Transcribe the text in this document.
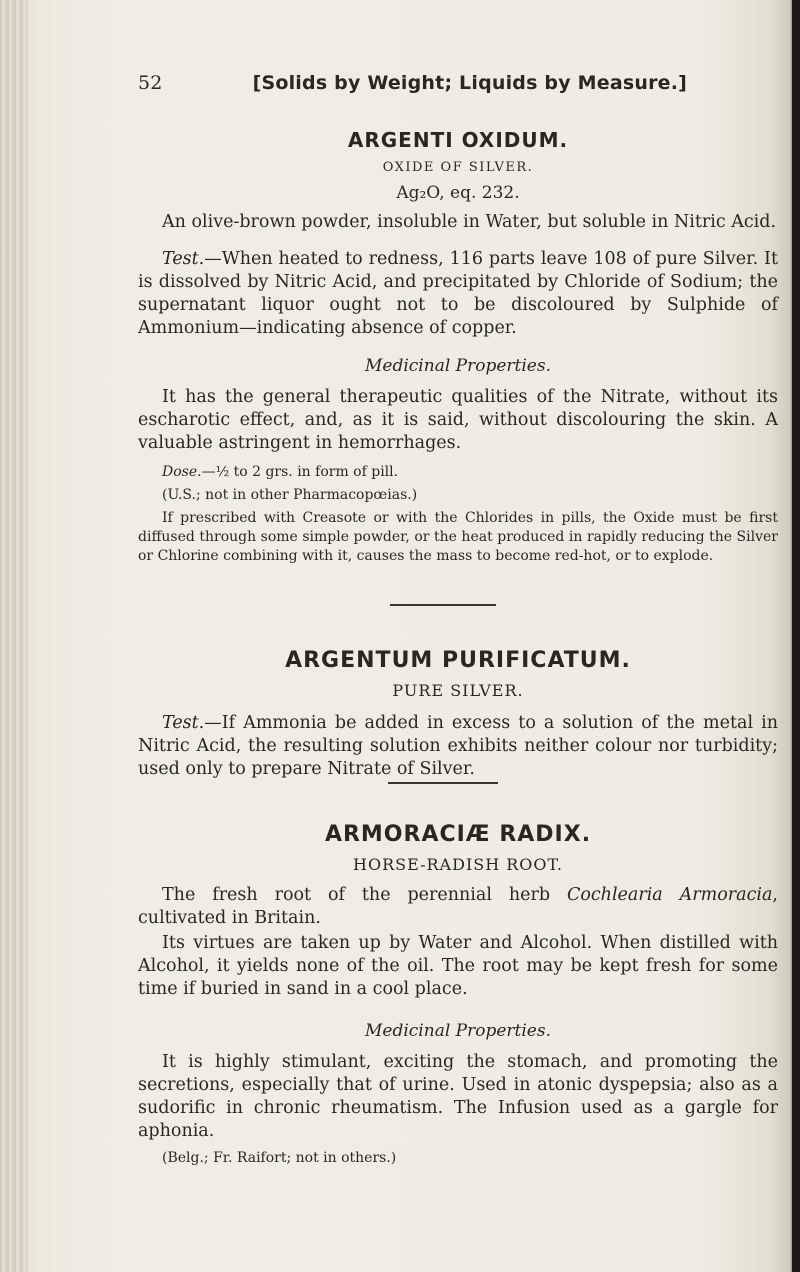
52	[Solids by Weight; Liquids by Measure.]
ARGENTI OXIDUM.
OXIDE OF SILVER.
Ag₂O, eq. 232.

An olive-brown powder, insoluble in Water, but soluble in Nitric Acid.

Test.—When heated to redness, 116 parts leave 108 of pure Silver. It is dissolved by Nitric Acid, and precipitated by Chloride of Sodium; the supernatant liquor ought not to be discoloured by Sulphide of Ammonium—indicating absence of copper.

Medicinal Properties.

It has the general therapeutic qualities of the Nitrate, without its escharotic effect, and, as it is said, without discolouring the skin. A valuable astringent in hemorrhages.

Dose.—½ to 2 grs. in form of pill.

(U.S.; not in other Pharmacopœias.)

If prescribed with Creasote or with the Chlorides in pills, the Oxide must be first diffused through some simple powder, or the heat produced in rapidly reducing the Silver or Chlorine combining with it, causes the mass to become red-hot, or to explode.

ARGENTUM PURIFICATUM.
PURE SILVER.

Test.—If Ammonia be added in excess to a solution of the metal in Nitric Acid, the resulting solution exhibits neither colour nor turbidity; used only to prepare Nitrate of Silver.

ARMORACIÆ RADIX.
HORSE-RADISH ROOT.

The fresh root of the perennial herb Cochlearia Armoracia, cultivated in Britain.

Its virtues are taken up by Water and Alcohol. When distilled with Alcohol, it yields none of the oil. The root may be kept fresh for some time if buried in sand in a cool place.

Medicinal Properties.

It is highly stimulant, exciting the stomach, and promoting the secretions, especially that of urine. Used in atonic dyspepsia; also as a sudorific in chronic rheumatism. The Infusion used as a gargle for aphonia.

(Belg.; Fr. Raifort; not in others.)
